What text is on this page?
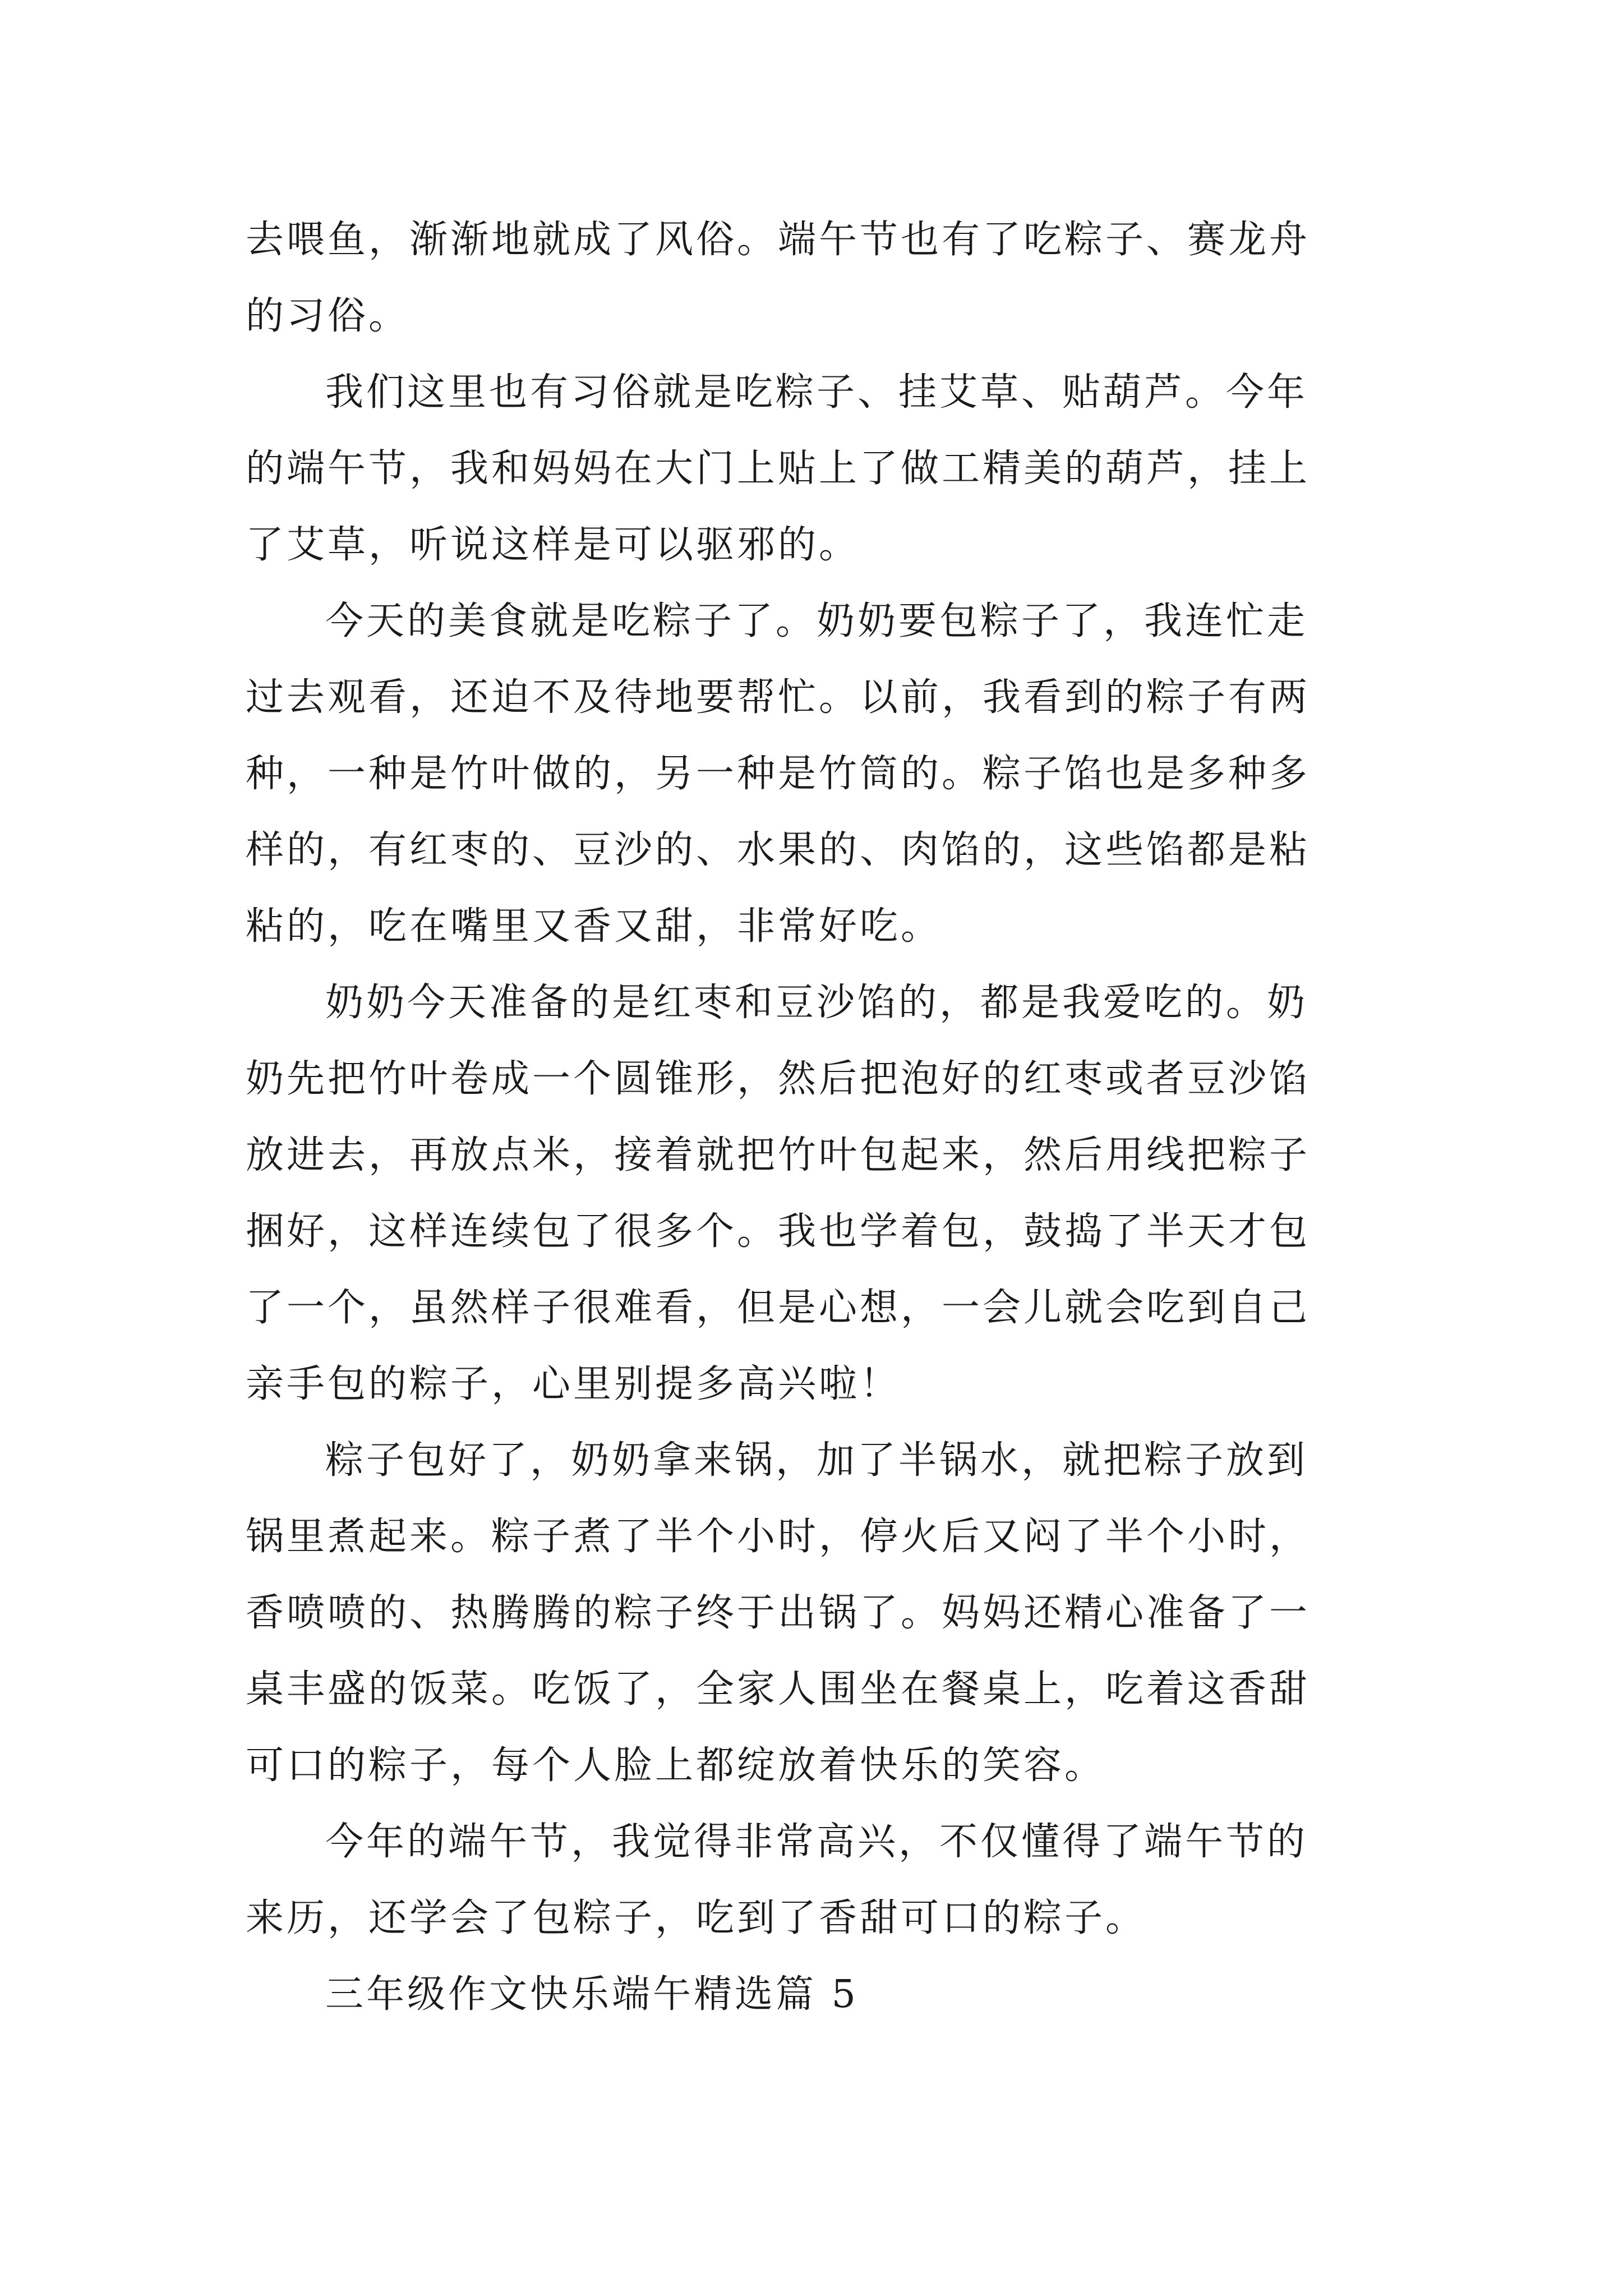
去喂鱼，渐渐地就成了风俗。端午节也有了吃粽子、赛龙舟
的习俗。

我们这里也有习俗就是吃粽子、挂艾草、贴葫芦。今年
的端午节，我和妈妈在大门上贴上了做工精美的葫芦，挂上
了艾草，听说这样是可以驱邪的。

今天的美食就是吃粽子了。奶奶要包粽子了，我连忙走
过去观看，还迫不及待地要帮忙。以前，我看到的粽子有两
种，一种是竹叶做的，另一种是竹筒的。粽子馅也是多种多
样的，有红枣的、豆沙的、水果的、肉馅的，这些馅都是粘
粘的，吃在嘴里又香又甜，非常好吃。

奶奶今天准备的是红枣和豆沙馅的，都是我爱吃的。奶
奶先把竹叶卷成一个圆锥形，然后把泡好的红枣或者豆沙馅
放进去，再放点米，接着就把竹叶包起来，然后用线把粽子
捆好，这样连续包了很多个。我也学着包，鼓捣了半天才包
了一个，虽然样子很难看，但是心想，一会儿就会吃到自己
亲手包的粽子，心里别提多高兴啦！

粽子包好了，奶奶拿来锅，加了半锅水，就把粽子放到
锅里煮起来。粽子煮了半个小时，停火后又闷了半个小时，
香喷喷的、热腾腾的粽子终于出锅了。妈妈还精心准备了一
桌丰盛的饭菜。吃饭了，全家人围坐在餐桌上，吃着这香甜
可口的粽子，每个人脸上都绽放着快乐的笑容。

今年的端午节，我觉得非常高兴，不仅懂得了端午节的
来历，还学会了包粽子，吃到了香甜可口的粽子。

三年级作文快乐端午精选篇 5
